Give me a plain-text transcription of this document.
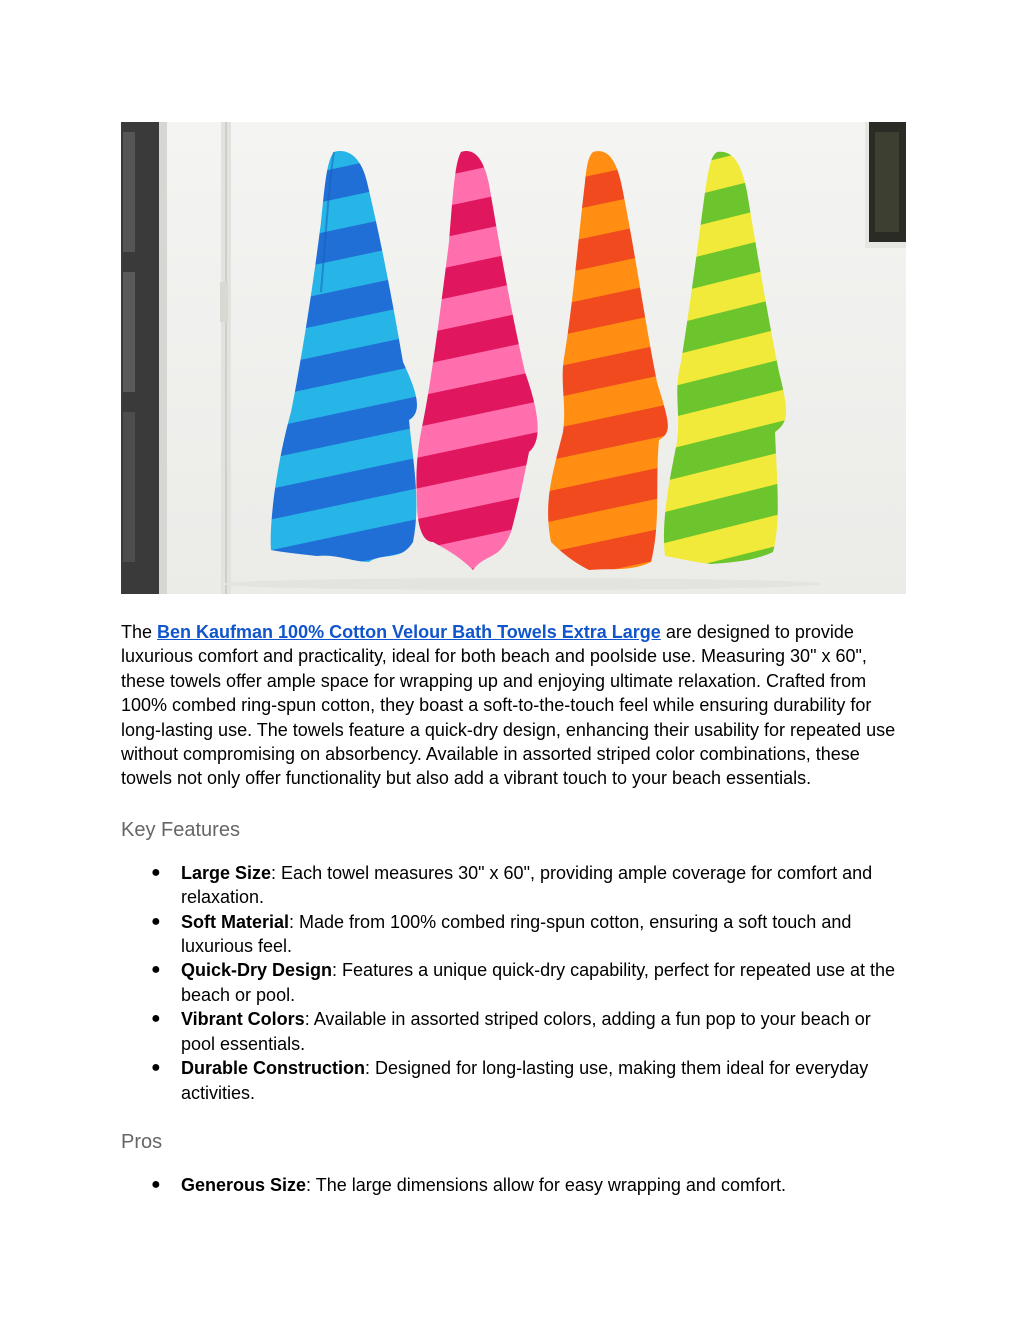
The Ben Kaufman 100% Cotton Velour Bath Towels Extra Large are designed to provide luxurious comfort and practicality, ideal for both beach and poolside use. Measuring 30" x 60", these towels offer ample space for wrapping up and enjoying ultimate relaxation. Crafted from 100% combed ring-spun cotton, they boast a soft-to-the-touch feel while ensuring durability for long-lasting use. The towels feature a quick-dry design, enhancing their usability for repeated use without compromising on absorbency. Available in assorted striped color combinations, these towels not only offer functionality but also add a vibrant touch to your beach essentials.

Key Features
● Large Size: Each towel measures 30" x 60", providing ample coverage for comfort and relaxation.
● Soft Material: Made from 100% combed ring-spun cotton, ensuring a soft touch and luxurious feel.
● Quick-Dry Design: Features a unique quick-dry capability, perfect for repeated use at the beach or pool.
● Vibrant Colors: Available in assorted striped colors, adding a fun pop to your beach or pool essentials.
● Durable Construction: Designed for long-lasting use, making them ideal for everyday activities.
Pros
● Generous Size: The large dimensions allow for easy wrapping and comfort.
